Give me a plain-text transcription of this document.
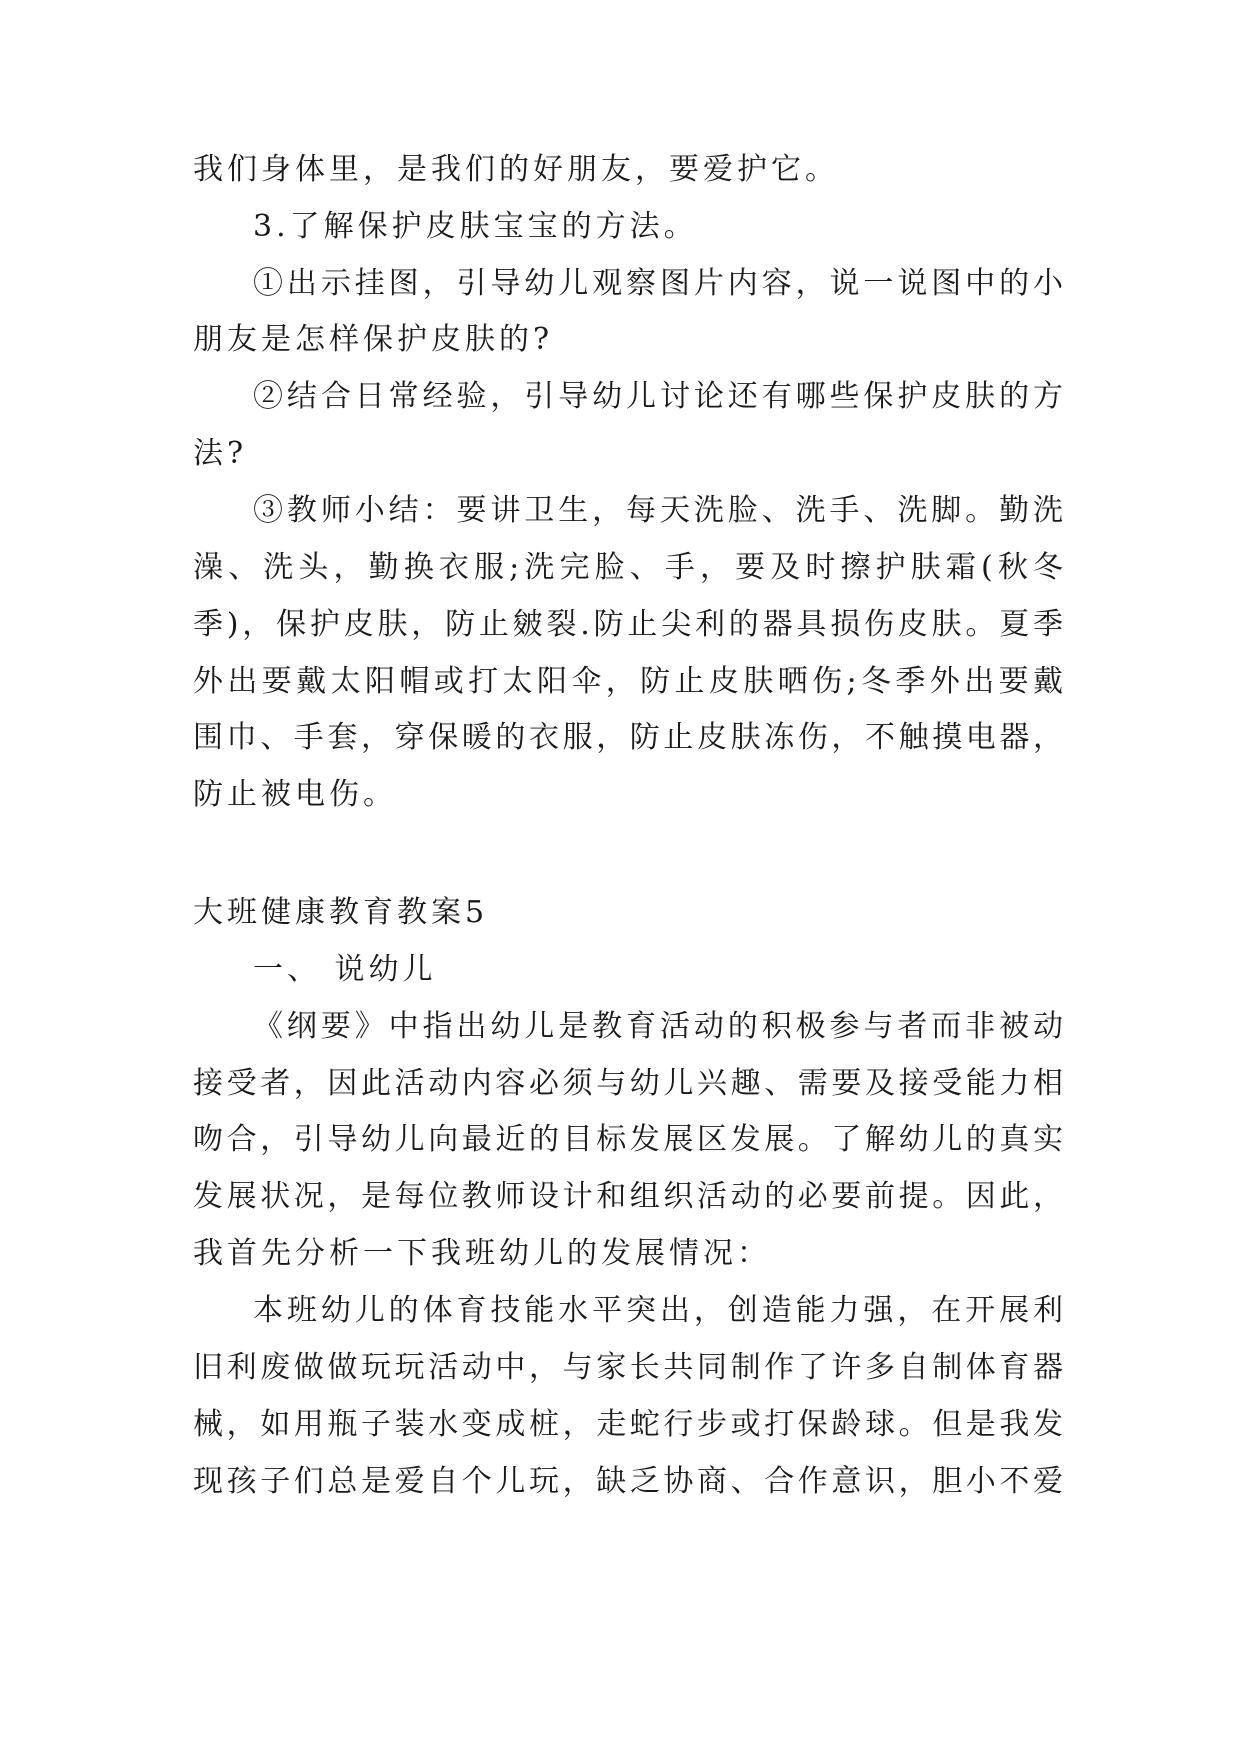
我们身体里，是我们的好朋友，要爱护它。
3.了解保护皮肤宝宝的方法。
①出示挂图，引导幼儿观察图片内容，说一说图中的小
朋友是怎样保护皮肤的?
②结合日常经验，引导幼儿讨论还有哪些保护皮肤的方
法?
③教师小结：要讲卫生，每天洗脸、洗手、洗脚。勤洗
澡、洗头，勤换衣服;洗完脸、手，要及时擦护肤霜(秋冬
季)，保护皮肤，防止皴裂.防止尖利的器具损伤皮肤。夏季
外出要戴太阳帽或打太阳伞，防止皮肤晒伤;冬季外出要戴
围巾、手套，穿保暖的衣服，防止皮肤冻伤，不触摸电器，
防止被电伤。
大班健康教育教案5
一、 说幼儿
《纲要》中指出幼儿是教育活动的积极参与者而非被动
接受者，因此活动内容必须与幼儿兴趣、需要及接受能力相
吻合，引导幼儿向最近的目标发展区发展。了解幼儿的真实
发展状况，是每位教师设计和组织活动的必要前提。因此，
我首先分析一下我班幼儿的发展情况：
本班幼儿的体育技能水平突出，创造能力强，在开展利
旧利废做做玩玩活动中，与家长共同制作了许多自制体育器
械，如用瓶子装水变成桩，走蛇行步或打保龄球。但是我发
现孩子们总是爱自个儿玩，缺乏协商、合作意识，胆小不爱
